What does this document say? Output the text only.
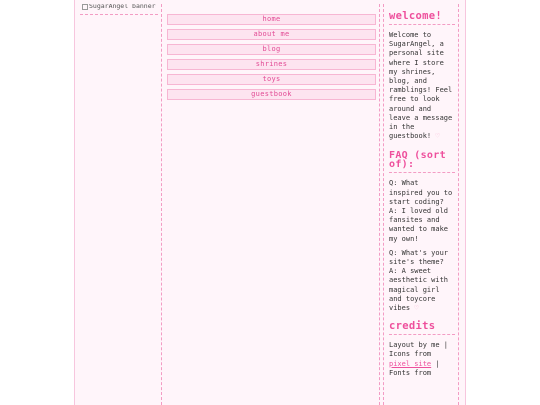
SugarAngel banner
home
about me
blog
shrines
toys
guestbook
welcome!

Welcome to SugarAngel, a personal site where I store my shrines, blog, and ramblings! Feel free to look around and leave a message in the guestbook! ♡

FAQ (sort of):

Q: What inspired you to start coding?
A: I loved old fansites and wanted to make my own!

Q: What's your site's theme?
A: A sweet aesthetic with magical girl and toycore vibes ♡

credits

Layout by me | Icons from pixel site | Fonts from
